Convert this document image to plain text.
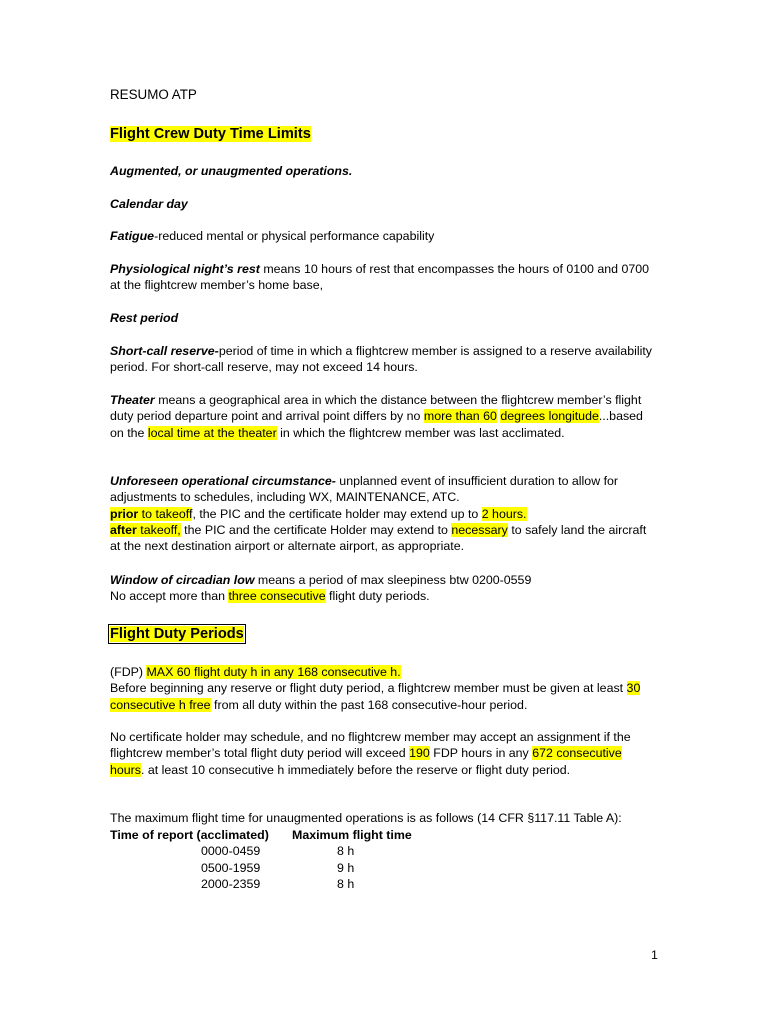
RESUMO ATP
Flight Crew Duty Time Limits
Augmented, or unaugmented operations.
Calendar day
Fatigue-reduced mental or physical performance capability
Physiological night’s rest means 10 hours of rest that encompasses the hours of 0100 and 0700 at the flightcrew member’s home base,
Rest period
Short-call reserve-period of time in which a flightcrew member is assigned to a reserve availability period. For short-call reserve, may not exceed 14 hours.
Theater means a geographical area in which the distance between the flightcrew member’s flight duty period departure point and arrival point differs by no more than 60 degrees longitude...based on the local time at the theater in which the flightcrew member was last acclimated.
Unforeseen operational circumstance- unplanned event of insufficient duration to allow for adjustments to schedules, including WX, MAINTENANCE, ATC.
prior to takeoff, the PIC and the certificate holder may extend up to 2 hours.
after takeoff, the PIC and the certificate Holder may extend to necessary to safely land the aircraft at the next destination airport or alternate airport, as appropriate.
Window of circadian low means a period of max sleepiness btw 0200-0559
No accept more than three consecutive flight duty periods.
Flight Duty Periods
(FDP) MAX 60 flight duty h in any 168 consecutive h.
Before beginning any reserve or flight duty period, a flightcrew member must be given at least 30 consecutive h free from all duty within the past 168 consecutive-hour period.
No certificate holder may schedule, and no flightcrew member may accept an assignment if the flightcrew member’s total flight duty period will exceed 190 FDP hours in any 672 consecutive hours. at least 10 consecutive h immediately before the reserve or flight duty period.
The maximum flight time for unaugmented operations is as follows (14 CFR §117.11 Table A):
Time of report (acclimated) Maximum flight time
0000-0459	8 h
0500-1959	9 h
2000-2359	8 h
1
